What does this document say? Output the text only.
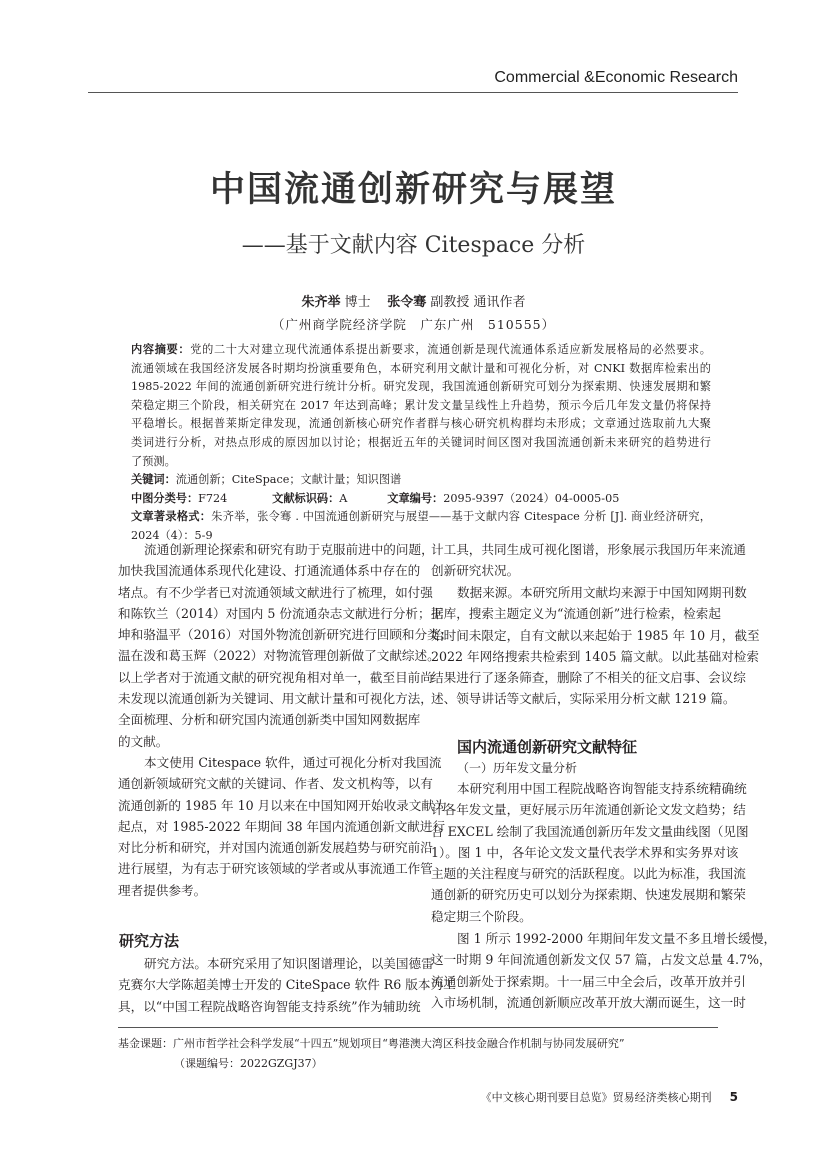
Commercial &Economic Research
中国流通创新研究与展望
——基于文献内容 Citespace 分析
朱齐举 博士 张令骞 副教授 通讯作者
（广州商学院经济学院　广东广州　510555）
内容摘要：党的二十大对建立现代流通体系提出新要求，流通创新是现代流通体系适应新发展格局的必然要求。
流通领域在我国经济发展各时期均扮演重要角色，本研究利用文献计量和可视化分析，对 CNKI 数据库检索出的
1985-2022 年间的流通创新研究进行统计分析。研究发现，我国流通创新研究可划分为探索期、快速发展期和繁
荣稳定期三个阶段，相关研究在 2017 年达到高峰；累计发文量呈线性上升趋势，预示今后几年发文量仍将保持
平稳增长。根据普莱斯定律发现，流通创新核心研究作者群与核心研究机构群均未形成；文章通过选取前九大聚
类词进行分析，对热点形成的原因加以讨论；根据近五年的关键词时间区图对我国流通创新未来研究的趋势进行
了预测。
关键词：流通创新；CiteSpace；文献计量；知识图谱
中图分类号：F724	文献标识码：A	文章编号：2095-9397（2024）04-0005-05
文章著录格式：朱齐举，张令骞 . 中国流通创新研究与展望——基于文献内容 Citespace 分析 [J]. 商业经济研究，
2024（4）：5-9
流通创新理论探索和研究有助于克服前进中的问题，
加快我国流通体系现代化建设、打通流通体系中存在的
堵点。有不少学者已对流通领域文献进行了梳理，如付强
和陈钦兰（2014）对国内 5 份流通杂志文献进行分析；王
坤和骆温平（2016）对国外物流创新研究进行回顾和分类；
温在泼和葛玉辉（2022）对物流管理创新做了文献综述。
以上学者对于流通文献的研究视角相对单一，截至目前尚
未发现以流通创新为关键词、用文献计量和可视化方法，
全面梳理、分析和研究国内流通创新类中国知网数据库
的文献。
本文使用 Citespace 软件，通过可视化分析对我国流
通创新领域研究文献的关键词、作者、发文机构等，以有
流通创新的 1985 年 10 月以来在中国知网开始收录文献为
起点，对 1985-2022 年期间 38 年国内流通创新文献进行
对比分析和研究，并对国内流通创新发展趋势与研究前沿
进行展望，为有志于研究该领域的学者或从事流通工作管
理者提供参考。
研究方法
研究方法。本研究采用了知识图谱理论，以美国德雷
克赛尔大学陈超美博士开发的 CiteSpace 软件 R6 版本为工
具，以“中国工程院战略咨询智能支持系统”作为辅助统
计工具，共同生成可视化图谱，形象展示我国历年来流通
创新研究状况。
数据来源。本研究所用文献均来源于中国知网期刊数
据库，搜索主题定义为“流通创新”进行检索，检索起
始时间未限定，自有文献以来起始于 1985 年 10 月，截至
2022 年网络搜索共检索到 1405 篇文献。以此基础对检索
结果进行了逐条筛查，删除了不相关的征文启事、会议综
述、领导讲话等文献后，实际采用分析文献 1219 篇。
国内流通创新研究文献特征
（一）历年发文量分析
本研究利用中国工程院战略咨询智能支持系统精确统
计各年发文量，更好展示历年流通创新论文发文趋势；结
合 EXCEL 绘制了我国流通创新历年发文量曲线图（见图
1）。图 1 中，各年论文发文量代表学术界和实务界对该
主题的关注程度与研究的活跃程度。以此为标准，我国流
通创新的研究历史可以划分为探索期、快速发展期和繁荣
稳定期三个阶段。
图 1 所示 1992-2000 年期间年发文量不多且增长缓慢，
这一时期 9 年间流通创新发文仅 57 篇，占发文总量 4.7%，
流通创新处于探索期。十一届三中全会后，改革开放并引
入市场机制，流通创新顺应改革开放大潮而诞生，这一时
基金课题：广州市哲学社会科学发展“十四五”规划项目“粤港澳大湾区科技金融合作机制与协同发展研究”
（课题编号：2022GZGJ37）
《中文核心期刊要目总览》贸易经济类核心期刊 5
